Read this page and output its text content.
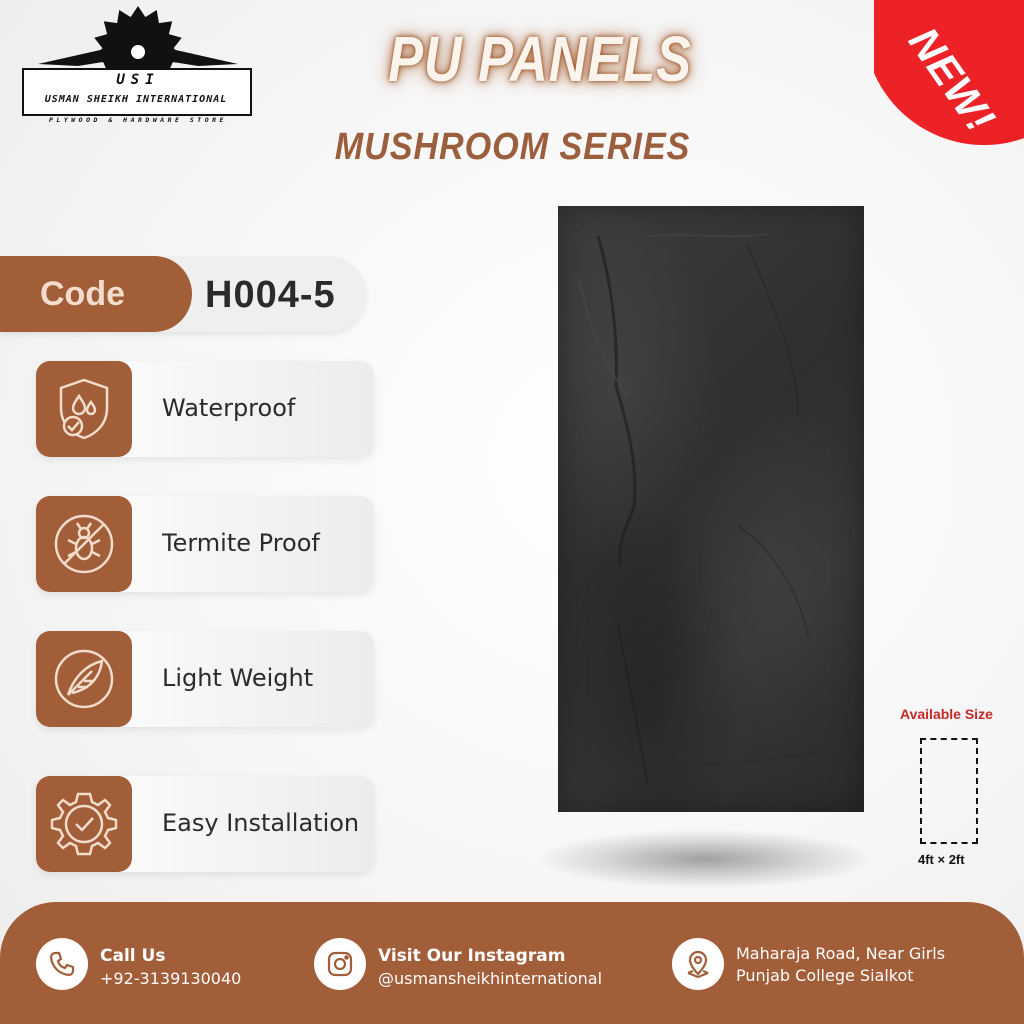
USI
USMAN SHEIKH INTERNATIONAL
PLYWOOD & HARDWARE STORE
PU PANELS
MUSHROOM SERIES
NEW!
Code H004-5
Waterproof
Termite Proof
Light Weight
Easy Installation
Available Size
4ft × 2ft
Call Us
+92-3139130040
Visit Our Instagram
@usmansheikhinternational
Maharaja Road, Near Girls
Punjab College Sialkot
